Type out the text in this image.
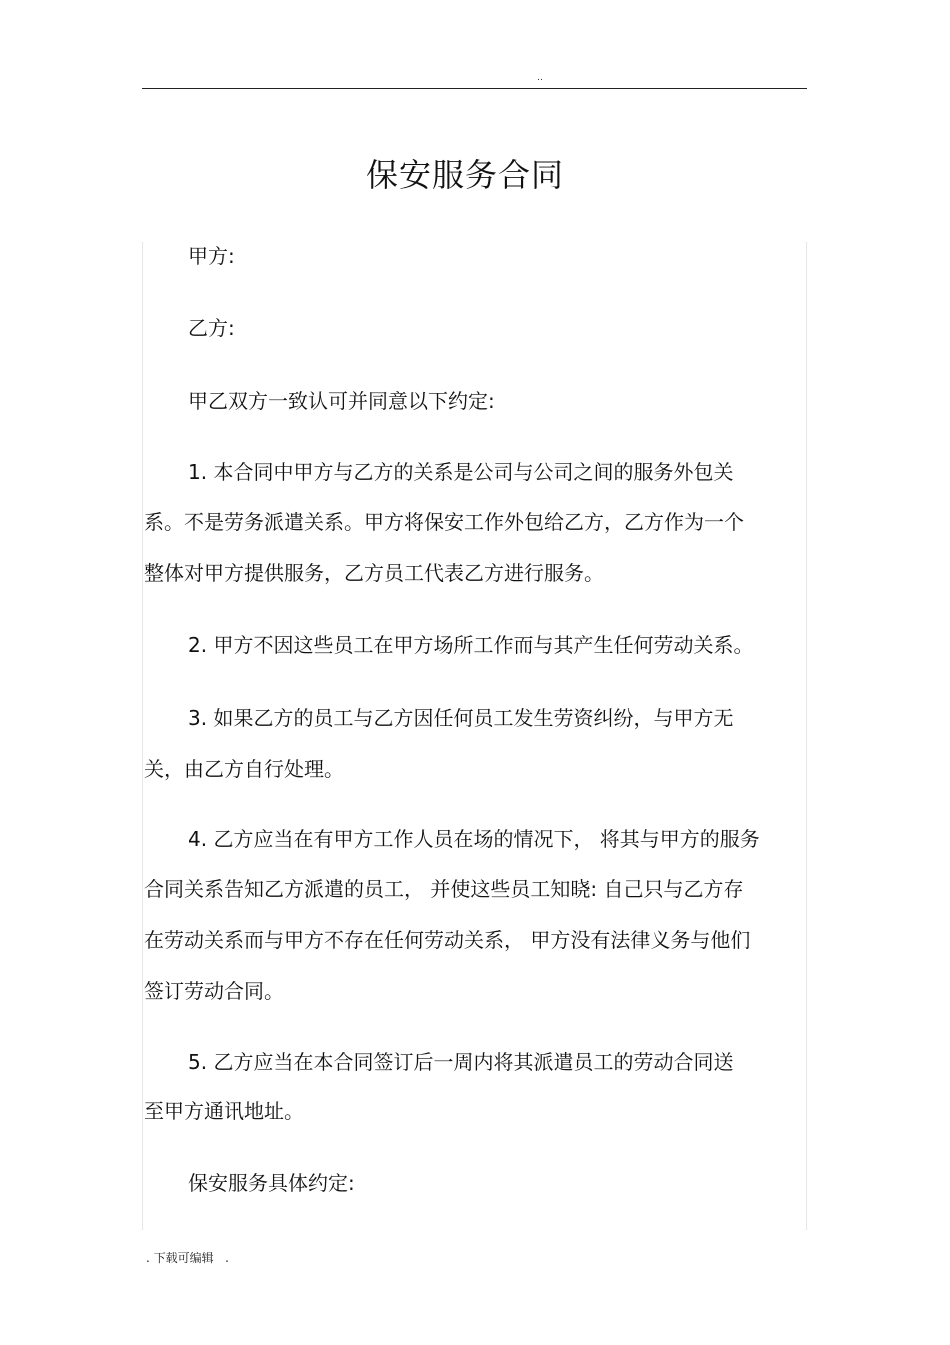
..
保安服务合同
甲方:
乙方:
甲乙双方一致认可并同意以下约定:
1. 本合同中甲方与乙方的关系是公司与公司之间的服务外包关
系。不是劳务派遣关系。甲方将保安工作外包给乙方，乙方作为一个
整体对甲方提供服务，乙方员工代表乙方进行服务。
2. 甲方不因这些员工在甲方场所工作而与其产生任何劳动关系。
3. 如果乙方的员工与乙方因任何员工发生劳资纠纷，与甲方无
关，由乙方自行处理。
4. 乙方应当在有甲方工作人员在场的情况下， 将其与甲方的服务
合同关系告知乙方派遣的员工， 并使这些员工知晓: 自己只与乙方存
在劳动关系而与甲方不存在任何劳动关系， 甲方没有法律义务与他们
签订劳动合同。
5. 乙方应当在本合同签订后一周内将其派遣员工的劳动合同送
至甲方通讯地址。
保安服务具体约定:
. 下载可编辑   .
